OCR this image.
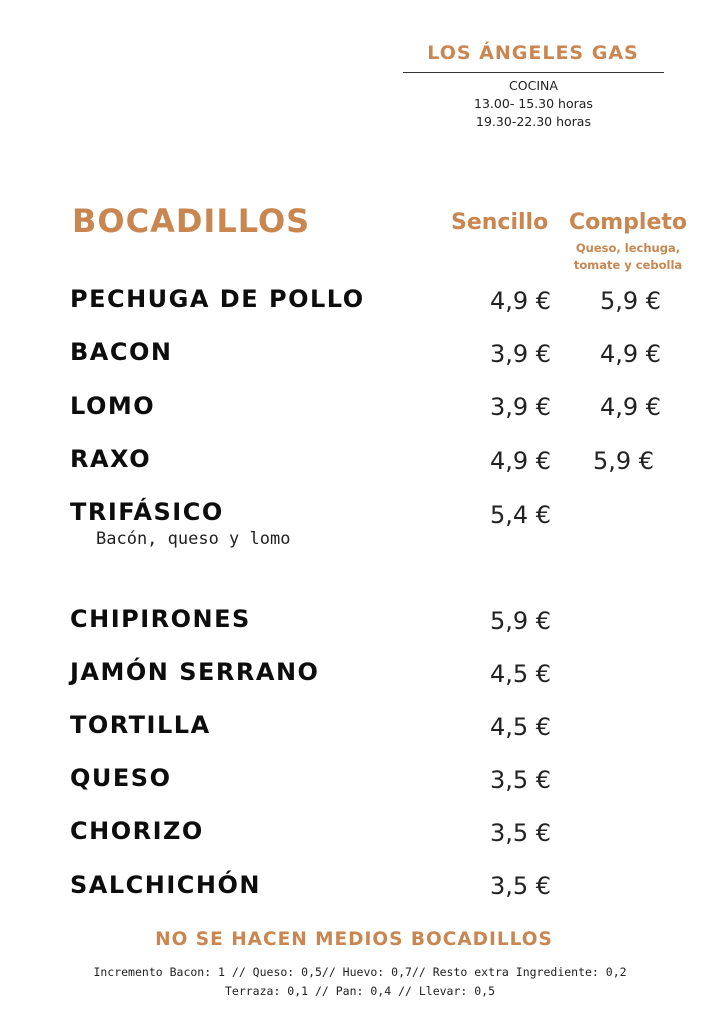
LOS ÁNGELES GAS
COCINA
13.00- 15.30 horas
19.30-22.30 horas
BOCADILLOS	Sencillo Completo
Queso, lechuga,
tomate y cebolla
PECHUGA DE POLLO	4,9 € 5,9 €
BACON	3,9 € 4,9 €
LOMO	3,9 € 4,9 €
RAXO	4,9 € 5,9 €
TRIFÁSICO	5,4 €
Bacón, queso y lomo
CHIPIRONES	5,9 €
JAMÓN SERRANO	4,5 €
TORTILLA	4,5 €
QUESO	3,5 €
CHORIZO	3,5 €
SALCHICHÓN	3,5 €
NO SE HACEN MEDIOS BOCADILLOS
Incremento Bacon: 1 // Queso: 0,5// Huevo: 0,7// Resto extra Ingrediente: 0,2
Terraza: 0,1 // Pan: 0,4 // Llevar: 0,5
